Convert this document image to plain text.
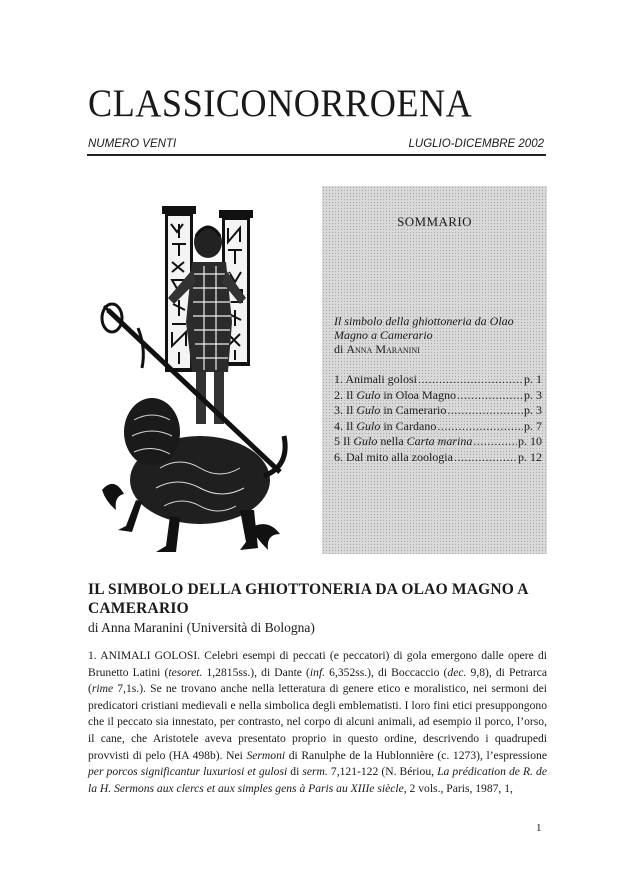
CLASSICONORROENA
NUMERO VENTI	LUGLIO-DICEMBRE 2002
SOMMARIO
Il simbolo della ghiottoneria da Olao Magno a Camerario
di Anna Maranini
1. Animali golosi .....	p. 1
2. Il Gulo in Oloa Magno .....	p. 3
3. Il Gulo in Camerario .....	p. 3
4. Il Gulo in Cardano .....	p. 7
5 Il Gulo nella Carta marina .....	p. 10
6. Dal mito alla zoologia .....	p. 12
IL SIMBOLO DELLA GHIOTTONERIA DA OLAO MAGNO A CAMERARIO
di Anna Maranini (Università di Bologna)
1. ANIMALI GOLOSI. Celebri esempi di peccati (e peccatori) di gola emergono dalle opere di Brunetto Latini (tesoret. 1,2815ss.), di Dante (inf. 6,352ss.), di Boccaccio (dec. 9,8), di Petrarca (rime 7,1s.). Se ne trovano anche nella letteratura di genere etico e moralistico, nei sermoni dei predicatori cristiani medievali e nella simbolica degli emblematisti. I loro fini etici presuppongono che il peccato sia innestato, per contrasto, nel corpo di alcuni animali, ad esempio il porco, l’orso, il cane, che Aristotele aveva presentato proprio in questo ordine, descrivendo i quadrupedi provvisti di pelo (HA 498b). Nei Sermoni di Ranulphe de la Hublonnière (c. 1273), l’espressione per porcos significantur luxuriosi et gulosi di serm. 7,121-122 (N. Bériou, La prédication de R. de la H. Sermons aux clercs et aux simples gens à Paris au XIIIe siècle, 2 vols., Paris, 1987, 1,
1
